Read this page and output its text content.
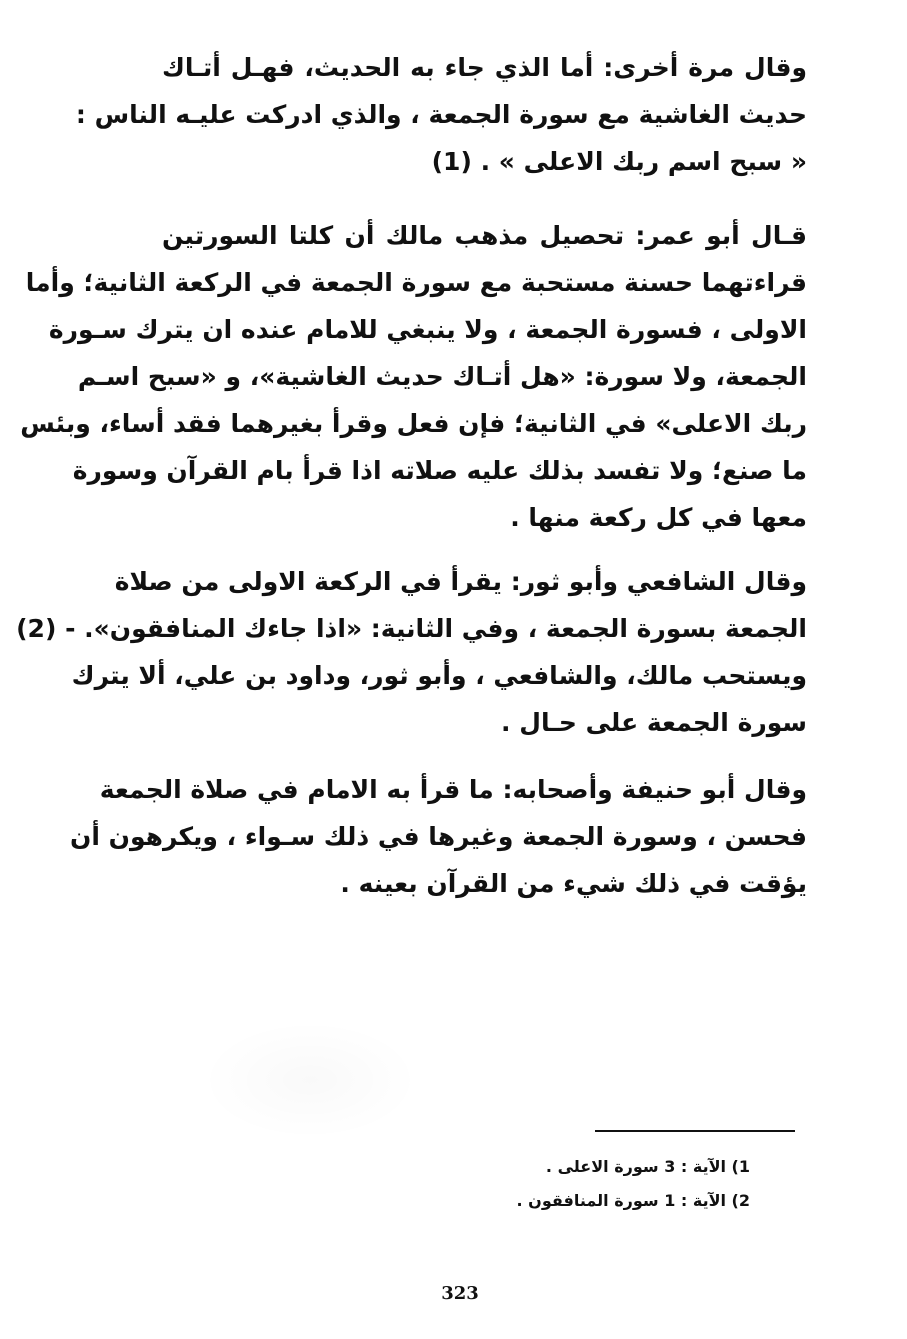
وقال مرة أخرى: أما الذي جاء به الحديث، فهـل أتـاك
حديث الغاشية مع سورة الجمعة ، والذي ادركت عليـه الناس :
« سبح اسم ربك الاعلى » . (1)
قـال أبو عمر: تحصيل مذهب مالك أن كلتا السورتين
قراءتهما حسنة مستحبة مع سورة الجمعة في الركعة الثانية؛ وأما
الاولى ، فسورة الجمعة ، ولا ينبغي للامام عنده ان يترك سـورة
الجمعة، ولا سورة: «هل أتـاك حديث الغاشية»، و «سبح اسـم
ربك الاعلى» في الثانية؛ فإن فعل وقرأ بغيرهما فقد أساء، وبئس
ما صنع؛ ولا تفسد بذلك عليه صلاته اذا قرأ بام القرآن وسورة
معها في كل ركعة منها .
وقال الشافعي وأبو ثور: يقرأ في الركعة الاولى من صلاة
الجمعة بسورة الجمعة ، وفي الثانية: «اذا جاءك المنافقون». - (2)
ويستحب مالك، والشافعي ، وأبو ثور، وداود بن علي، ألا يترك
سورة الجمعة على حـال .
وقال أبو حنيفة وأصحابه: ما قرأ به الامام في صلاة الجمعة
فحسن ، وسورة الجمعة وغيرها في ذلك سـواء ، ويكرهون أن
يؤقت في ذلك شيء من القرآن بعينه .
1) الآية : 3 سورة الاعلى .
2) الآية : 1 سورة المنافقون .
323
